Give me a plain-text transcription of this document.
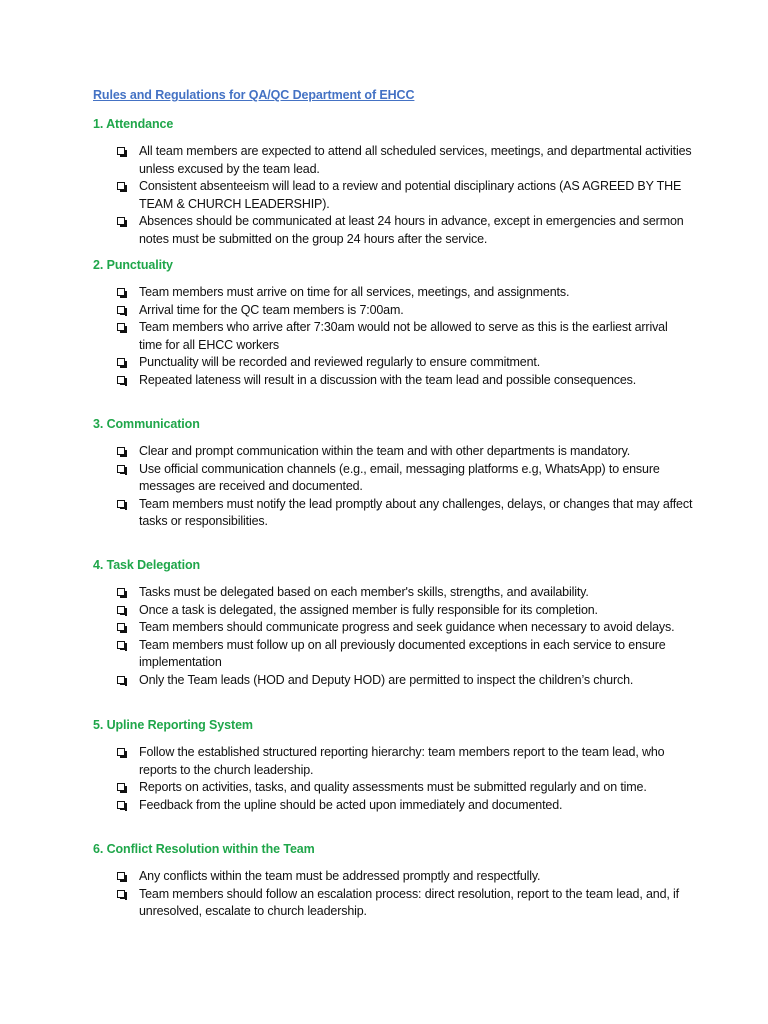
Rules and Regulations for QA/QC Department of EHCC
1. Attendance
All team members are expected to attend all scheduled services, meetings, and departmental activities unless excused by the team lead.
Consistent absenteeism will lead to a review and potential disciplinary actions (AS AGREED BY THE TEAM & CHURCH LEADERSHIP).
Absences should be communicated at least 24 hours in advance, except in emergencies and sermon notes must be submitted on the group 24 hours after the service.
2. Punctuality
Team members must arrive on time for all services, meetings, and assignments.
Arrival time for the QC team members is 7:00am.
Team members who arrive after 7:30am would not be allowed to serve as this is the earliest arrival time for all EHCC workers
Punctuality will be recorded and reviewed regularly to ensure commitment.
Repeated lateness will result in a discussion with the team lead and possible consequences.
3. Communication
Clear and prompt communication within the team and with other departments is mandatory.
Use official communication channels (e.g., email, messaging platforms e.g, WhatsApp) to ensure messages are received and documented.
Team members must notify the lead promptly about any challenges, delays, or changes that may affect tasks or responsibilities.
4. Task Delegation
Tasks must be delegated based on each member's skills, strengths, and availability.
Once a task is delegated, the assigned member is fully responsible for its completion.
Team members should communicate progress and seek guidance when necessary to avoid delays.
Team members must follow up on all previously documented exceptions in each service to ensure implementation
Only the Team leads (HOD and Deputy HOD) are permitted to inspect the children’s church.
5. Upline Reporting System
Follow the established structured reporting hierarchy: team members report to the team lead, who reports to the church leadership.
Reports on activities, tasks, and quality assessments must be submitted regularly and on time.
Feedback from the upline should be acted upon immediately and documented.
6. Conflict Resolution within the Team
Any conflicts within the team must be addressed promptly and respectfully.
Team members should follow an escalation process: direct resolution, report to the team lead, and, if unresolved, escalate to church leadership.
